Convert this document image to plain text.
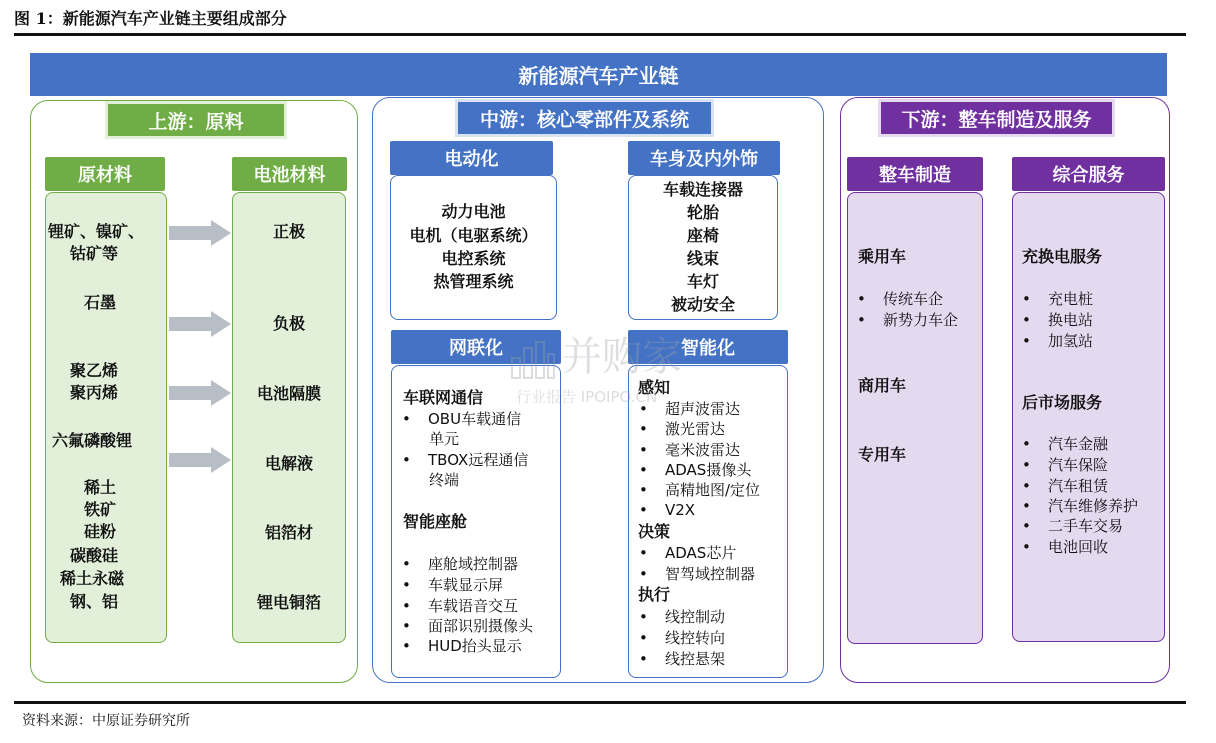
图 1：新能源汽车产业链主要组成部分
新能源汽车产业链
上游：原料
原材料	电池材料
锂矿、镍矿、
钴矿等
石墨
聚乙烯
聚丙烯
六氟磷酸锂
稀土
铁矿
硅粉
碳酸硅
稀土永磁
钢、铝
正极
负极
电池隔膜
电解液
铝箔材
锂电铜箔
中游：核心零部件及系统
电动化
动力电池
电机（电驱系统）
电控系统
热管理系统
车身及内外饰
车载连接器
轮胎
座椅
线束
车灯
被动安全
网联化
车联网通信
• OBU车载通信
单元
• TBOX远程通信
终端
智能座舱
• 座舱域控制器
• 车载显示屏
• 车载语音交互
• 面部识别摄像头
• HUD抬头显示
智能化
感知
• 超声波雷达
• 激光雷达
• 毫米波雷达
• ADAS摄像头
• 高精地图/定位
• V2X
决策
• ADAS芯片
• 智驾域控制器
执行
• 线控制动
• 线控转向
• 线控悬架
下游：整车制造及服务
整车制造
乘用车
• 传统车企
• 新势力车企
商用车
专用车
综合服务
充换电服务
• 充电桩
• 换电站
• 加氢站
后市场服务
• 汽车金融
• 汽车保险
• 汽车租赁
• 汽车维修养护
• 二手车交易
• 电池回收
并购家
行业报告 IPOIPO.CN
资料来源：中原证券研究所
